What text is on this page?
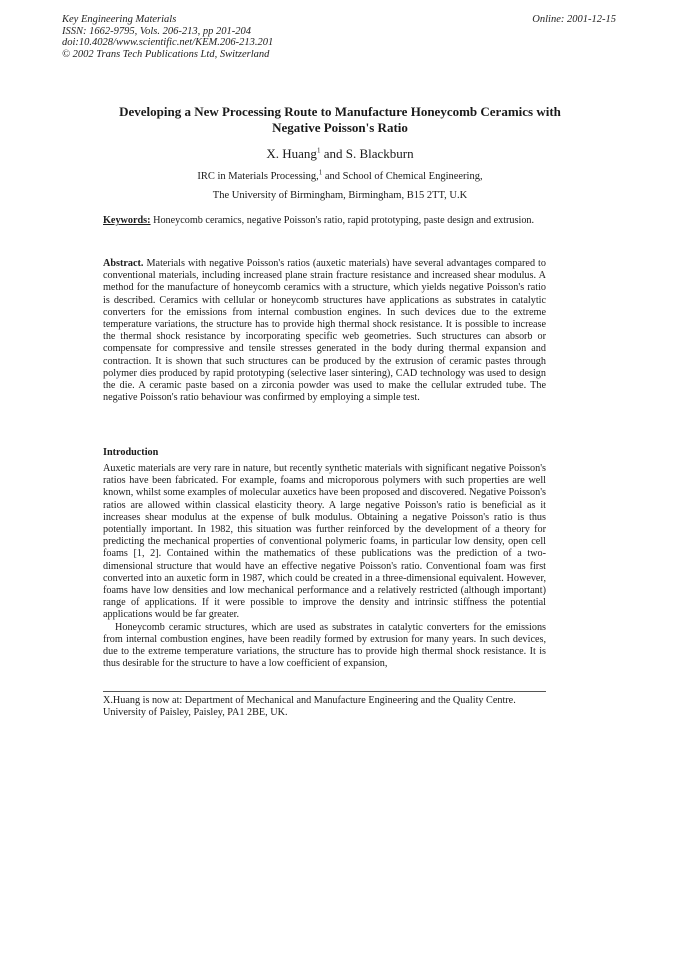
Key Engineering Materials
ISSN: 1662-9795, Vols. 206-213, pp 201-204
doi:10.4028/www.scientific.net/KEM.206-213.201
© 2002 Trans Tech Publications Ltd, Switzerland
Online: 2001-12-15
Developing a New Processing Route to Manufacture Honeycomb Ceramics with
Negative Poisson's Ratio
X. Huang$^1$ and S. Blackburn
IRC in Materials Processing,$^1$ and School of Chemical Engineering,
The University of Birmingham, Birmingham, B15 2TT, U.K
Keywords: Honeycomb ceramics, negative Poisson's ratio, rapid prototyping, paste design and extrusion.
Abstract. Materials with negative Poisson's ratios (auxetic materials) have several advantages compared to conventional materials, including increased plane strain fracture resistance and increased shear modulus. A method for the manufacture of honeycomb ceramics with a structure, which yields negative Poisson's ratio is described. Ceramics with cellular or honeycomb structures have applications as substrates in catalytic converters for the emissions from internal combustion engines. In such devices due to the extreme temperature variations, the structure has to provide high thermal shock resistance. It is possible to increase the thermal shock resistance by incorporating specific web geometries. Such structures can absorb or compensate for compressive and tensile stresses generated in the body during thermal expansion and contraction. It is shown that such structures can be produced by the extrusion of ceramic pastes through polymer dies produced by rapid prototyping (selective laser sintering), CAD technology was used to design the die. A ceramic paste based on a zirconia powder was used to make the cellular extruded tube. The negative Poisson's ratio behaviour was confirmed by employing a simple test.
Introduction

Auxetic materials are very rare in nature, but recently synthetic materials with significant negative Poisson's ratios have been fabricated. For example, foams and microporous polymers with such properties are well known, whilst some examples of molecular auxetics have been proposed and discovered. Negative Poisson's ratios are allowed within classical elasticity theory. A large negative Poisson's ratio is beneficial as it increases shear modulus at the expense of bulk modulus. Obtaining a negative Poisson's ratio is thus potentially important. In 1982, this situation was further reinforced by the development of a theory for predicting the mechanical properties of conventional polymeric foams, in particular low density, open cell foams [1, 2]. Contained within the mathematics of these publications was the prediction of a two-dimensional structure that would have an effective negative Poisson's ratio. Conventional foam was first converted into an auxetic form in 1987, which could be created in a three-dimensional equivalent. However, foams have low densities and low mechanical performance and a relatively restricted (although important) range of applications. If it were possible to improve the density and intrinsic stiffness the potential applications would be far greater.

Honeycomb ceramic structures, which are used as substrates in catalytic converters for the emissions from internal combustion engines, have been readily formed by extrusion for many years. In such devices, due to the extreme temperature variations, the structure has to provide high thermal shock resistance. It is thus desirable for the structure to have a low coefficient of expansion,

X.Huang is now at: Department of Mechanical and Manufacture Engineering and the Quality Centre.
University of Paisley, Paisley, PA1 2BE, UK.
